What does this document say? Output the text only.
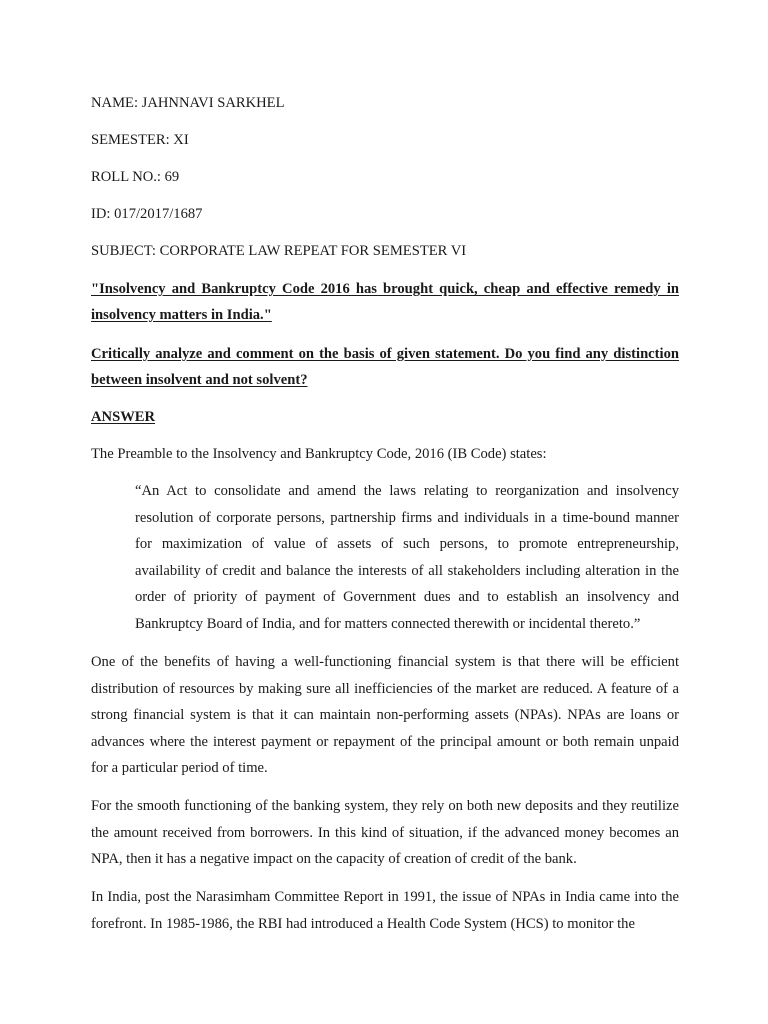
NAME: JAHNNAVI SARKHEL
SEMESTER: XI
ROLL NO.: 69
ID: 017/2017/1687
SUBJECT: CORPORATE LAW REPEAT FOR SEMESTER VI
"Insolvency and Bankruptcy Code 2016 has brought quick, cheap and effective remedy in insolvency matters in India."
Critically analyze and comment on the basis of given statement. Do you find any distinction between insolvent and not solvent?
ANSWER
The Preamble to the Insolvency and Bankruptcy Code, 2016 (IB Code) states:
“An Act to consolidate and amend the laws relating to reorganization and insolvency resolution of corporate persons, partnership firms and individuals in a time-bound manner for maximization of value of assets of such persons, to promote entrepreneurship, availability of credit and balance the interests of all stakeholders including alteration in the order of priority of payment of Government dues and to establish an insolvency and Bankruptcy Board of India, and for matters connected therewith or incidental thereto.”
One of the benefits of having a well-functioning financial system is that there will be efficient distribution of resources by making sure all inefficiencies of the market are reduced. A feature of a strong financial system is that it can maintain non-performing assets (NPAs). NPAs are loans or advances where the interest payment or repayment of the principal amount or both remain unpaid for a particular period of time.
For the smooth functioning of the banking system, they rely on both new deposits and they reutilize the amount received from borrowers. In this kind of situation, if the advanced money becomes an NPA, then it has a negative impact on the capacity of creation of credit of the bank.
In India, post the Narasimham Committee Report in 1991, the issue of NPAs in India came into the forefront. In 1985-1986, the RBI had introduced a Health Code System (HCS) to monitor the
